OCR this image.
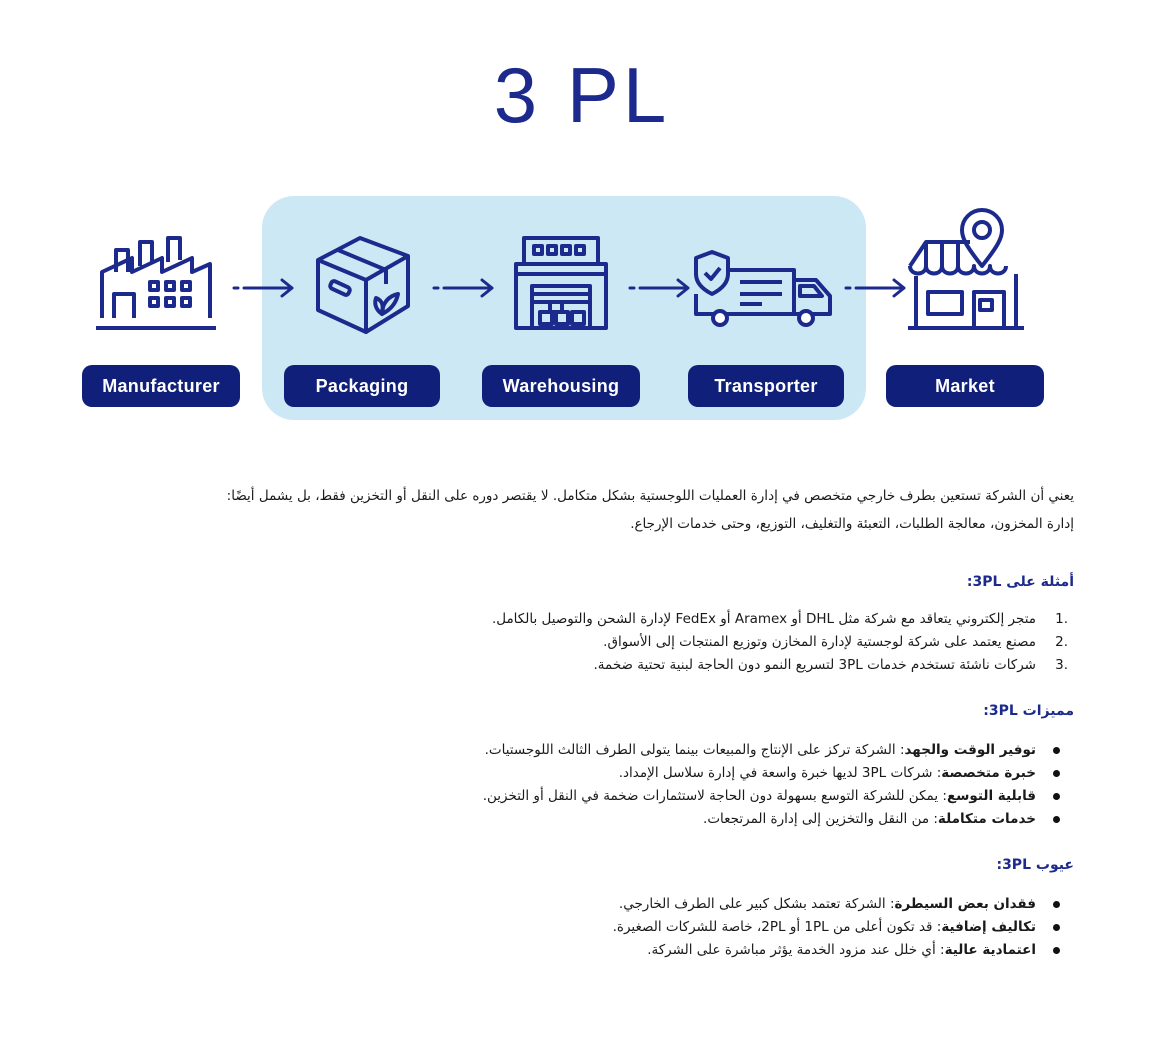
3 PL
Manufacturer	Packaging	Warehousing	Transporter	Market

يعني أن الشركة تستعين بطرف خارجي متخصص في إدارة العمليات اللوجستية بشكل متكامل. لا يقتصر دوره على النقل أو التخزين فقط، بل يشمل أيضًا:

إدارة المخزون، معالجة الطلبات، التعبئة والتغليف، التوزيع، وحتى خدمات الإرجاع.

أمثلة على 3PL:
1.
متجر إلكتروني يتعاقد مع شركة مثل DHL أو Aramex أو FedEx لإدارة الشحن والتوصيل بالكامل.
2.
مصنع يعتمد على شركة لوجستية لإدارة المخازن وتوزيع المنتجات إلى الأسواق.
3.
شركات ناشئة تستخدم خدمات 3PL لتسريع النمو دون الحاجة لبنية تحتية ضخمة.
مميزات 3PL:
توفير الوقت والجهد: الشركة تركز على الإنتاج والمبيعات بينما يتولى الطرف الثالث اللوجستيات.
خبرة متخصصة: شركات 3PL لديها خبرة واسعة في إدارة سلاسل الإمداد.
قابلية التوسع: يمكن للشركة التوسع بسهولة دون الحاجة لاستثمارات ضخمة في النقل أو التخزين.
خدمات متكاملة: من النقل والتخزين إلى إدارة المرتجعات.
عيوب 3PL:
فقدان بعض السيطرة: الشركة تعتمد بشكل كبير على الطرف الخارجي.
تكاليف إضافية: قد تكون أعلى من 1PL أو 2PL، خاصة للشركات الصغيرة.
اعتمادية عالية: أي خلل عند مزود الخدمة يؤثر مباشرة على الشركة.
